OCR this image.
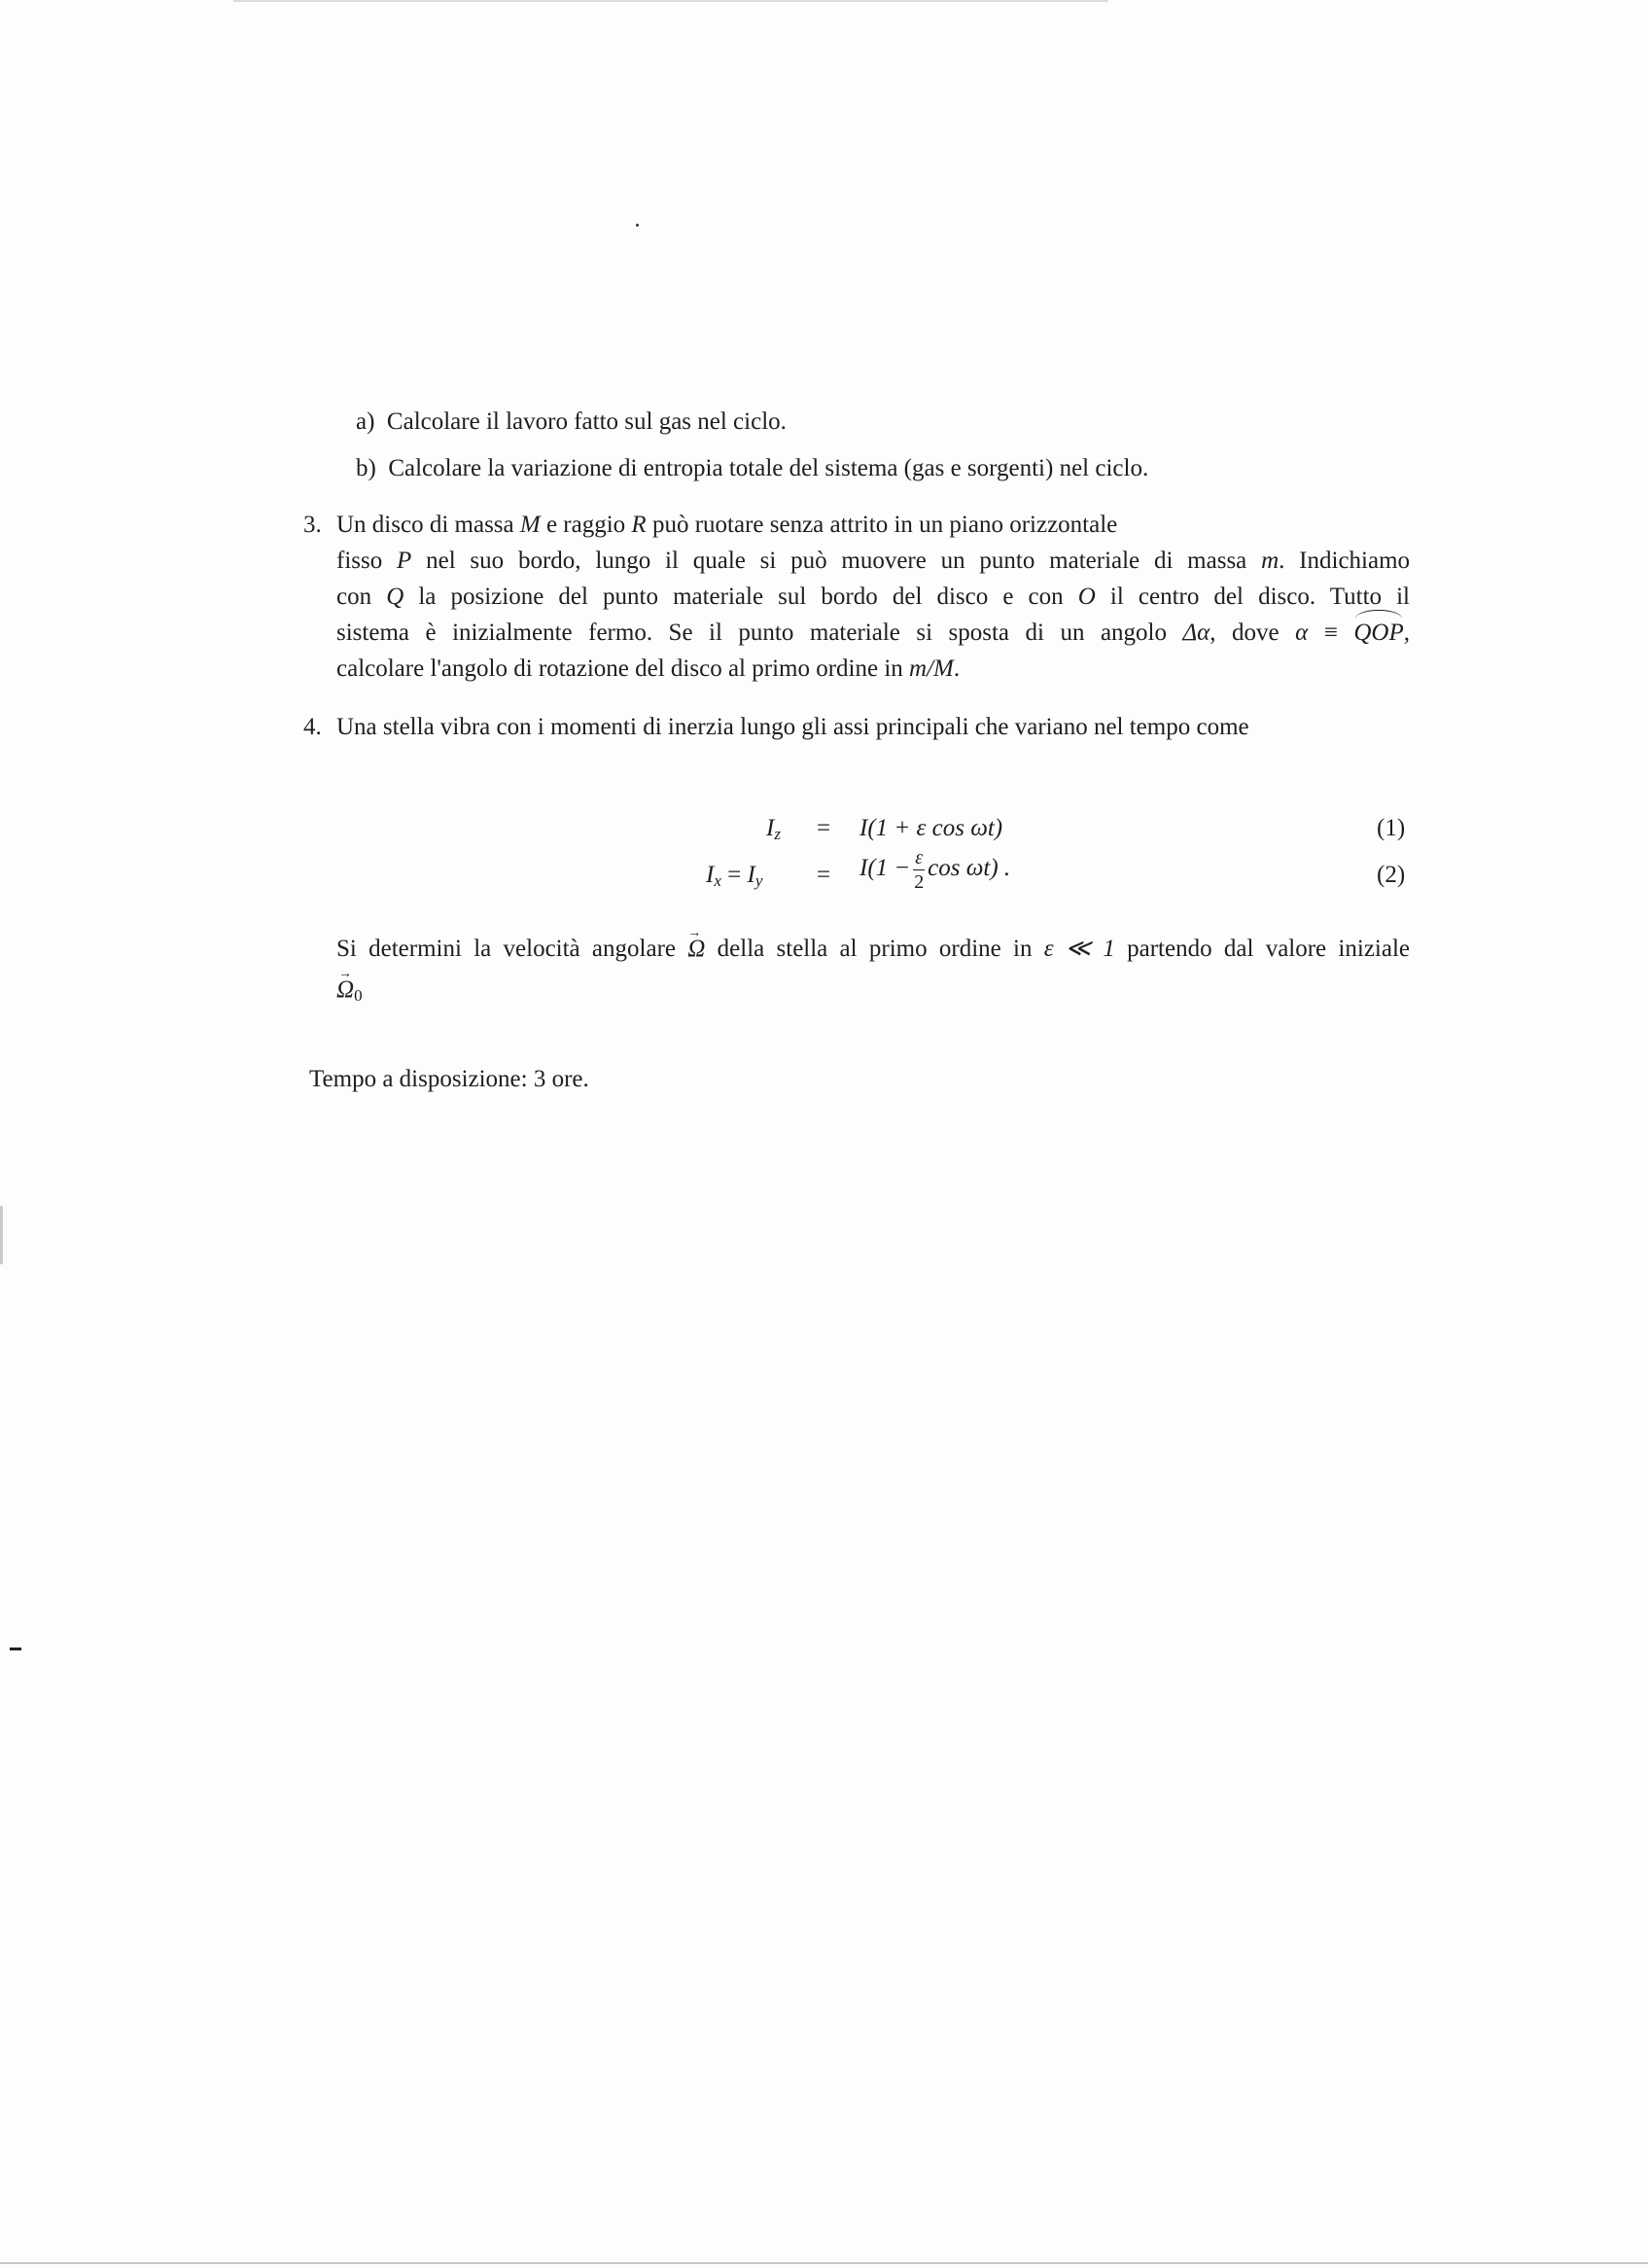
a) Calcolare il lavoro fatto sul gas nel ciclo.
b) Calcolare la variazione di entropia totale del sistema (gas e sorgenti) nel ciclo.
3. Un disco di massa M e raggio R può ruotare senza attrito in un piano orizzontale
fisso P nel suo bordo, lungo il quale si può muovere un punto materiale di massa m. Indichiamo
con Q la posizione del punto materiale sul bordo del disco e con O il centro del disco. Tutto il
sistema è inizialmente fermo. Se il punto materiale si sposta di un angolo Δα, dove α ≡ QOP,
calcolare l'angolo di rotazione del disco al primo ordine in m/M.
4. Una stella vibra con i momenti di inerzia lungo gli assi principali che variano nel tempo come
$I_z = I(1 + \varepsilon$ cos ωt)	(1)
$I_x = I_y = I(1 - \frac{\varepsilon}{2}$ cos ωt) .	(2)
Si determini la velocità angolare → Ω della stella al primo ordine in ε ≪ 1 partendo dal valore iniziale
→ $\Omega_0$
Tempo a disposizione: 3 ore.
